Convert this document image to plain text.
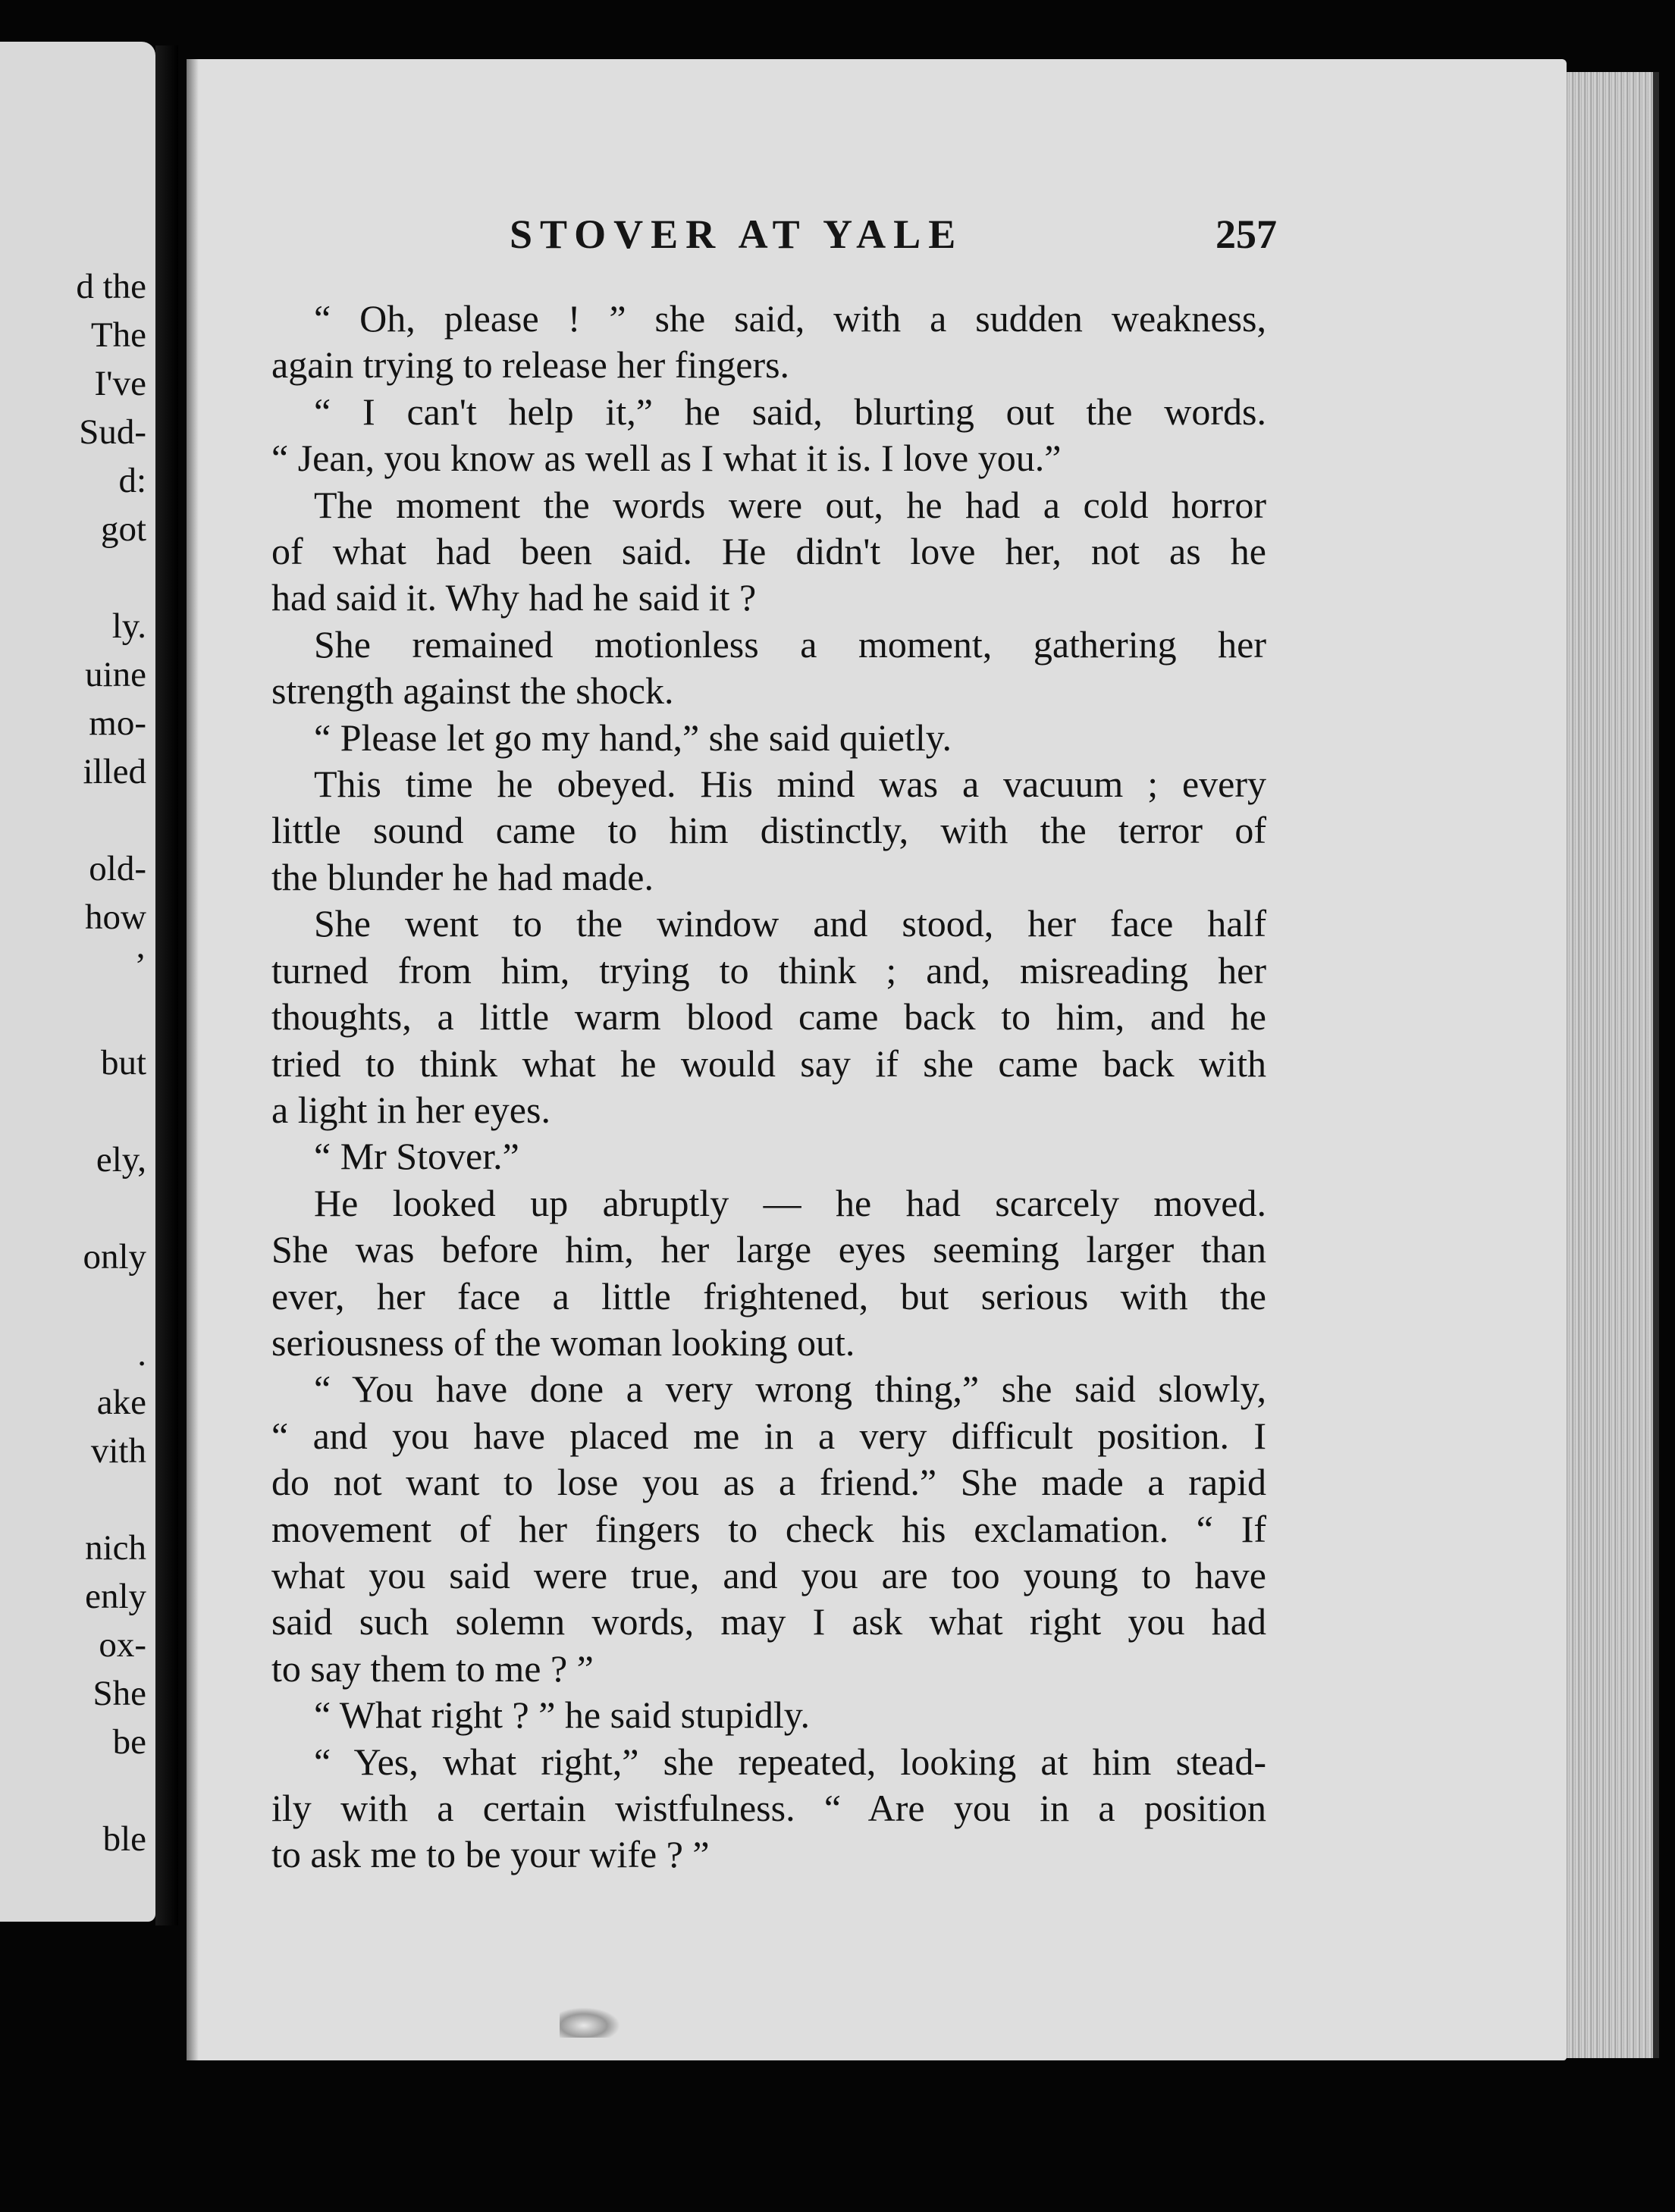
d the
The
I've
Sud-
d:
got
ly.
uine
mo-
illed
old-
how
’
but
ely,
only
.
ake
vith
nich
enly
ox-
She
be
ble
STOVER AT YALE	257
“ Oh, please ! ” she said, with a sudden weakness,
again trying to release her fingers.
“ I can't help it,” he said, blurting out the words.
“ Jean, you know as well as I what it is. I love you.”
The moment the words were out, he had a cold horror
of what had been said. He didn't love her, not as he
had said it. Why had he said it ?
She remained motionless a moment, gathering her
strength against the shock.
“ Please let go my hand,” she said quietly.
This time he obeyed. His mind was a vacuum ; every
little sound came to him distinctly, with the terror of
the blunder he had made.
She went to the window and stood, her face half
turned from him, trying to think ; and, misreading her
thoughts, a little warm blood came back to him, and he
tried to think what he would say if she came back with
a light in her eyes.
“ Mr Stover.”
He looked up abruptly — he had scarcely moved.
She was before him, her large eyes seeming larger than
ever, her face a little frightened, but serious with the
seriousness of the woman looking out.
“ You have done a very wrong thing,” she said slowly,
“ and you have placed me in a very difficult position. I
do not want to lose you as a friend.” She made a rapid
movement of her fingers to check his exclamation. “ If
what you said were true, and you are too young to have
said such solemn words, may I ask what right you had
to say them to me ? ”
“ What right ? ” he said stupidly.
“ Yes, what right,” she repeated, looking at him stead-
ily with a certain wistfulness. “ Are you in a position
to ask me to be your wife ? ”
